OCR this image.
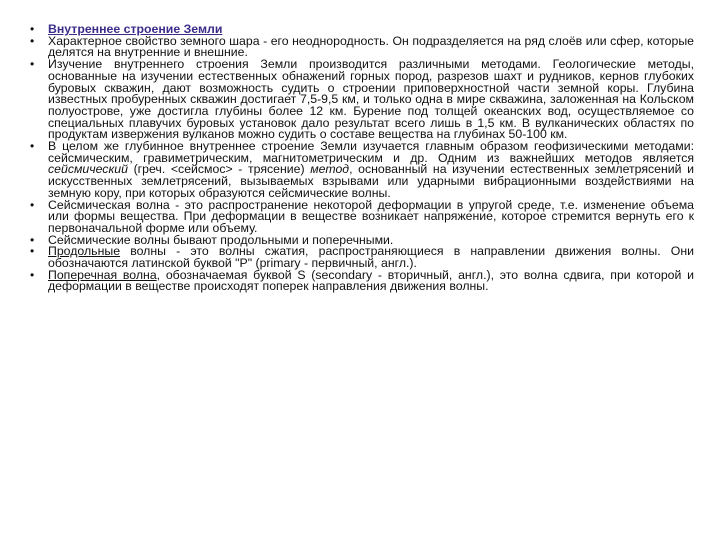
• Внутреннее строение Земли
• Характерное свойство земного шара - его неоднородность. Он подразделяется на ряд слоёв или сфер, которые делятся на внутренние и внешние.
• Изучение внутреннего строения Земли производится различными методами. Геологические методы, основанные на изучении естественных обнажений горных пород, разрезов шахт и рудников, кернов глубоких буровых скважин, дают возможность судить о строении приповерхностной части земной коры. Глубина известных пробуренных скважин достигает 7,5-9,5 км, и только одна в мире скважина, заложенная на Кольском полуострове, уже достигла глубины более 12 км. Бурение под толщей океанских вод, осуществляемое со специальных плавучих буровых установок дало результат всего лишь в 1,5 км. В вулканических областях по продуктам извержения вулканов можно судить о составе вещества на глубинах 50-100 км.
• В целом же глубинное внутреннее строение Земли изучается главным образом геофизическими методами: сейсмическим, гравиметрическим, магнитометрическим и др. Одним из важнейших методов является сейсмический (греч. <сейсмос> - трясение) метод, основанный на изучении естественных землетрясений и искусственных землетрясений, вызываемых взрывами или ударными вибрационными воздействиями на земную кору, при которых образуются сейсмические волны.
• Сейсмическая волна - это распространение некоторой деформации в упругой среде, т.е. изменение объема или формы вещества. При деформации в веществе возникает напряжение, которое стремится вернуть его к первоначальной форме или объему.
• Сейсмические волны бывают продольными и поперечными.
• Продольные волны - это волны сжатия, распространяющиеся в направлении движения волны. Они обозначаются латинской буквой "P" (primary - первичный, англ.).
• Поперечная волна, обозначаемая буквой S (secondary - вторичный, англ.), это волна сдвига, при которой и деформации в веществе происходят поперек направления движения волны.
